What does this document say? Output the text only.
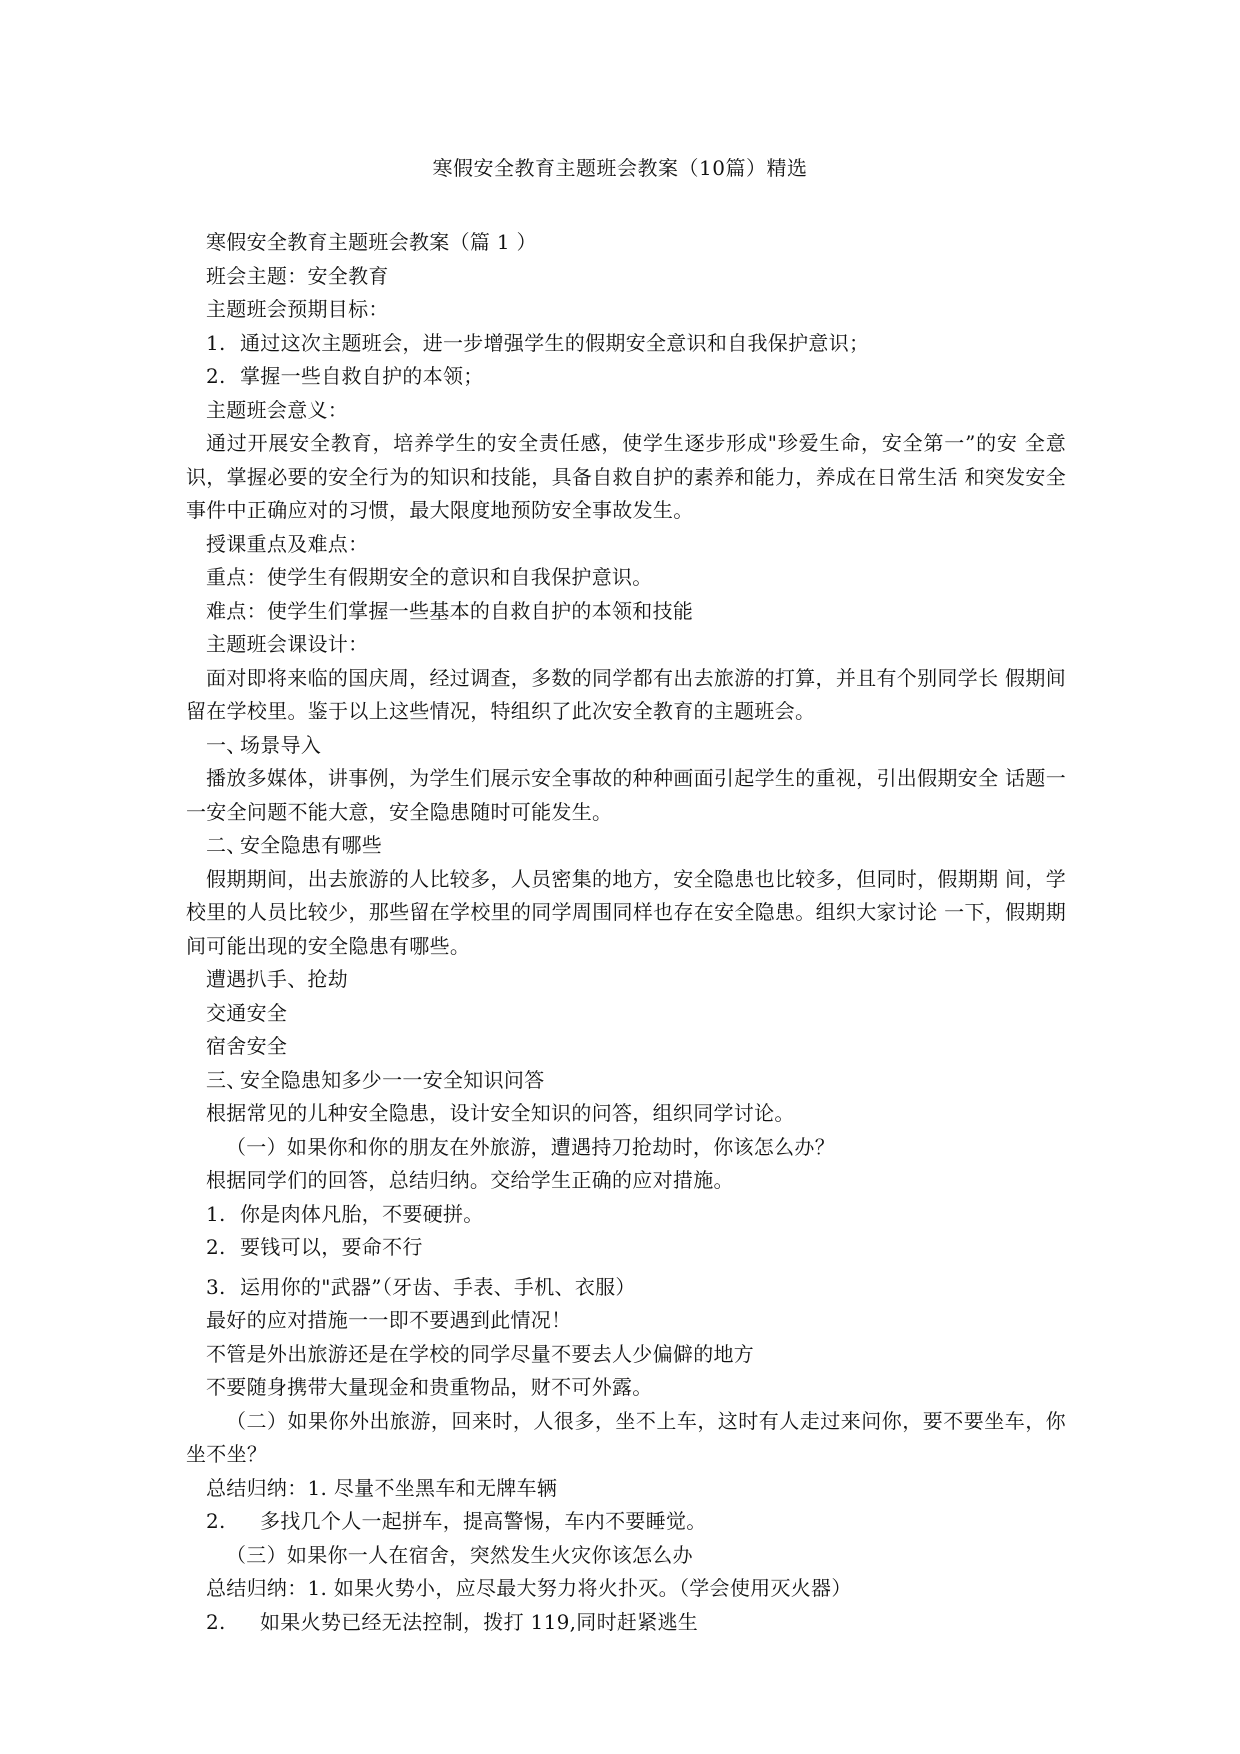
寒假安全教育主题班会教案（10篇）精选

寒假安全教育主题班会教案（篇 1 ）

班会主题：安全教育

主题班会预期目标：

1. 通过这次主题班会，进一步增强学生的假期安全意识和自我保护意识；

2. 掌握一些自救自护的本领；

主题班会意义：

通过开展安全教育，培养学生的安全责任感，使学生逐步形成"珍爱生命，安全第一”的安 全意识，掌握必要的安全行为的知识和技能，具备自救自护的素养和能力，养成在日常生活 和突发安全事件中正确应对的习惯，最大限度地预防安全事故发生。

授课重点及难点：

重点：使学生有假期安全的意识和自我保护意识。

难点：使学生们掌握一些基本的自救自护的本领和技能

主题班会课设计：

面对即将来临的国庆周，经过调查，多数的同学都有出去旅游的打算，并且有个别同学长 假期间留在学校里。鉴于以上这些情况，特组织了此次安全教育的主题班会。

一、场景导入

播放多媒体，讲事例，为学生们展示安全事故的种种画面引起学生的重视，引出假期安全 话题一一安全问题不能大意，安全隐患随时可能发生。

二、安全隐患有哪些

假期期间，出去旅游的人比较多，人员密集的地方，安全隐患也比较多，但同时，假期期 间，学校里的人员比较少，那些留在学校里的同学周围同样也存在安全隐患。组织大家讨论 一下，假期期间可能出现的安全隐患有哪些。

遭遇扒手、抢劫

交通安全

宿舍安全

三、安全隐患知多少一一安全知识问答

根据常见的儿种安全隐患，设计安全知识的问答，组织同学讨论。

（一）如果你和你的朋友在外旅游，遭遇持刀抢劫时，你该怎么办？

根据同学们的回答，总结归纳。交给学生正确的应对措施。

1. 你是肉体凡胎，不要硬拼。

2. 要钱可以，要命不行

3. 运用你的"武器”（牙齿、手表、手机、衣服）

最好的应对措施一一即不要遇到此情况！

不管是外出旅游还是在学校的同学尽量不要去人少偏僻的地方

不要随身携带大量现金和贵重物品，财不可外露。

（二）如果你外出旅游，回来时，人很多，坐不上车，这时有人走过来问你，要不要坐车，你坐不坐？

总结归纳：1. 尽量不坐黑车和无牌车辆

2. 多找几个人一起拼车，提高警惕，车内不要睡觉。

（三）如果你一人在宿舍，突然发生火灾你该怎么办

总结归纳：1. 如果火势小，应尽最大努力将火扑灭。（学会使用灭火器）

2. 如果火势已经无法控制，拨打 119,同时赶紧逃生
